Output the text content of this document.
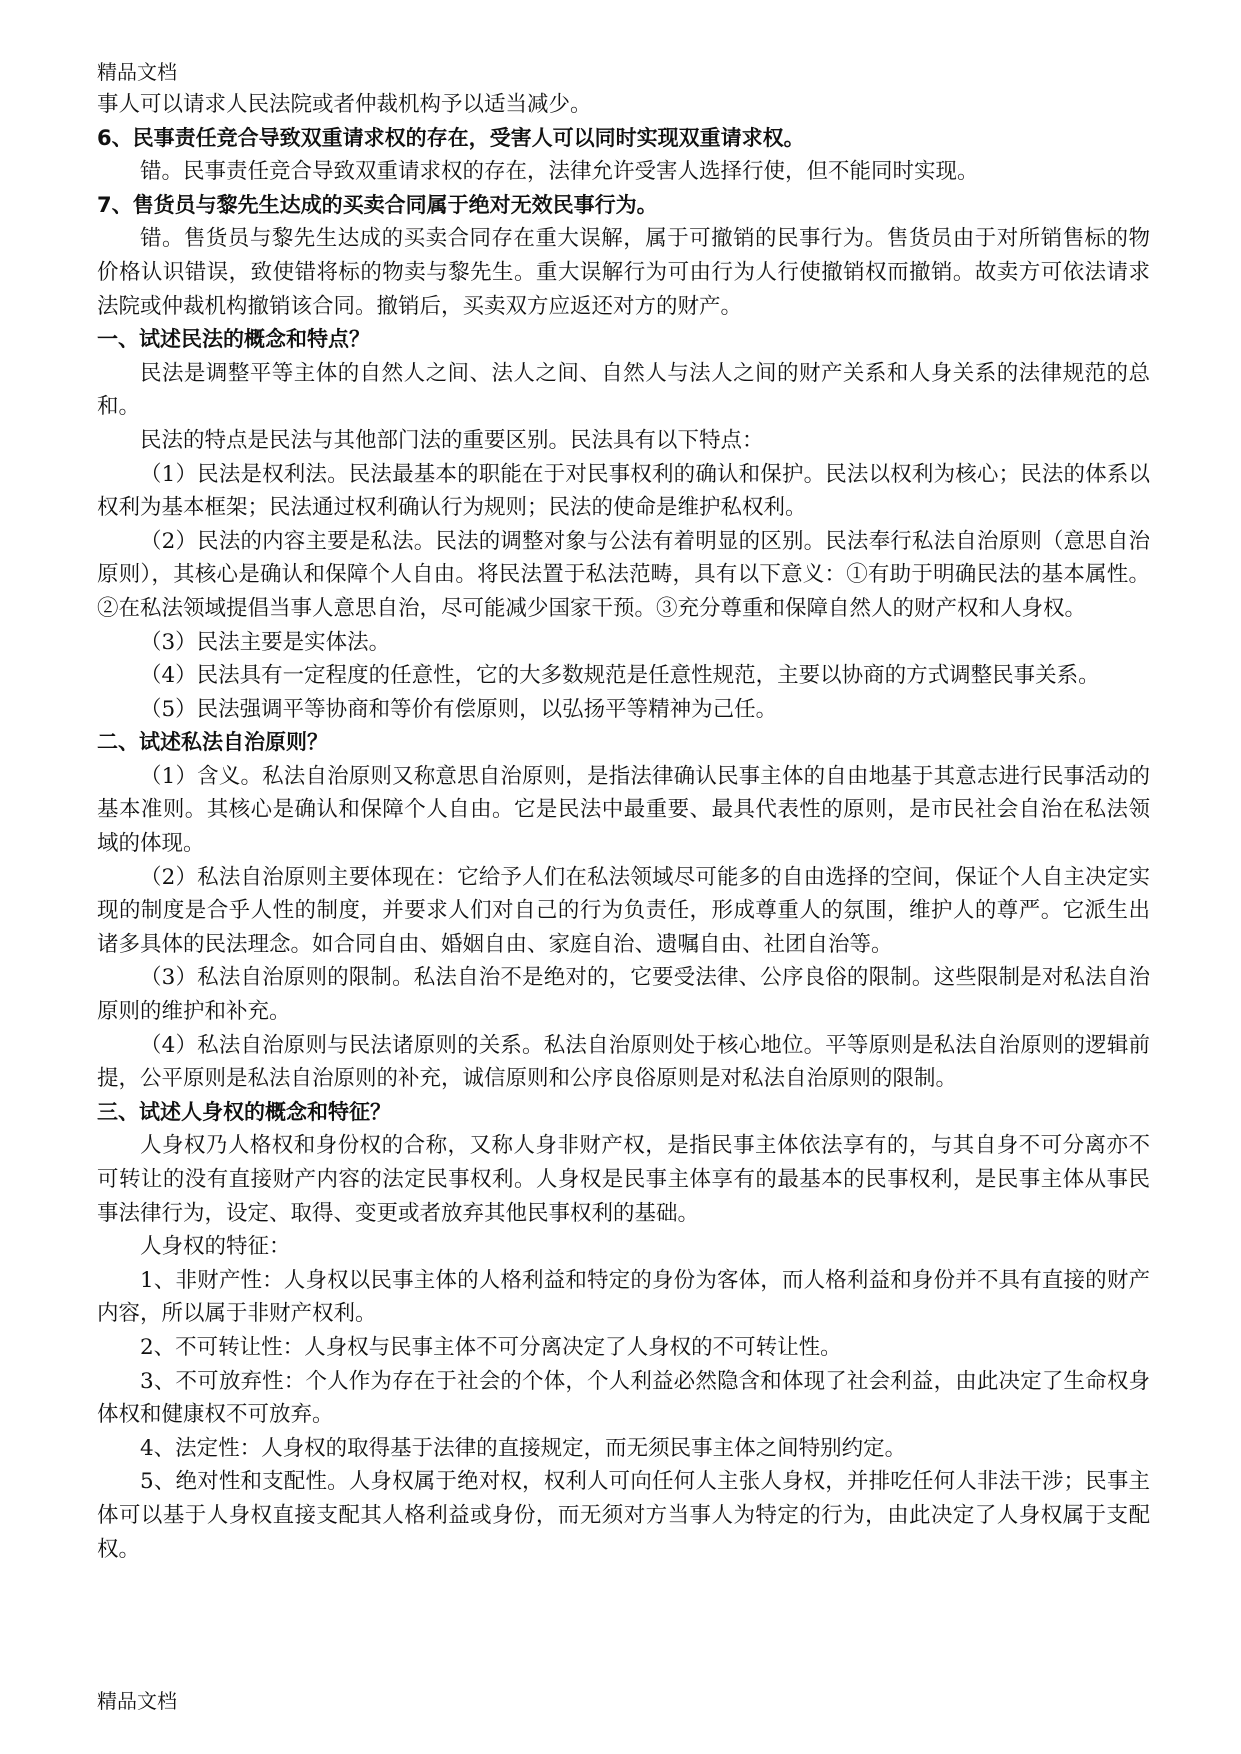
精品文档

事人可以请求人民法院或者仲裁机构予以适当减少。

6、民事责任竞合导致双重请求权的存在，受害人可以同时实现双重请求权。

错。民事责任竞合导致双重请求权的存在，法律允许受害人选择行使，但不能同时实现。

7、售货员与黎先生达成的买卖合同属于绝对无效民事行为。

错。售货员与黎先生达成的买卖合同存在重大误解，属于可撤销的民事行为。售货员由于对所销售标的物价格认识错误，致使错将标的物卖与黎先生。重大误解行为可由行为人行使撤销权而撤销。故卖方可依法请求法院或仲裁机构撤销该合同。撤销后，买卖双方应返还对方的财产。

一、试述民法的概念和特点？

民法是调整平等主体的自然人之间、法人之间、自然人与法人之间的财产关系和人身关系的法律规范的总和。

民法的特点是民法与其他部门法的重要区别。民法具有以下特点：

（1）民法是权利法。民法最基本的职能在于对民事权利的确认和保护。民法以权利为核心；民法的体系以权利为基本框架；民法通过权利确认行为规则；民法的使命是维护私权利。

（2）民法的内容主要是私法。民法的调整对象与公法有着明显的区别。民法奉行私法自治原则（意思自治原则），其核心是确认和保障个人自由。将民法置于私法范畴，具有以下意义：①有助于明确民法的基本属性。②在私法领域提倡当事人意思自治，尽可能减少国家干预。③充分尊重和保障自然人的财产权和人身权。

（3）民法主要是实体法。

（4）民法具有一定程度的任意性，它的大多数规范是任意性规范，主要以协商的方式调整民事关系。

（5）民法强调平等协商和等价有偿原则，以弘扬平等精神为己任。

二、试述私法自治原则？

（1）含义。私法自治原则又称意思自治原则，是指法律确认民事主体的自由地基于其意志进行民事活动的基本准则。其核心是确认和保障个人自由。它是民法中最重要、最具代表性的原则，是市民社会自治在私法领域的体现。

（2）私法自治原则主要体现在：它给予人们在私法领域尽可能多的自由选择的空间，保证个人自主决定实现的制度是合乎人性的制度，并要求人们对自己的行为负责任，形成尊重人的氛围，维护人的尊严。它派生出诸多具体的民法理念。如合同自由、婚姻自由、家庭自治、遗嘱自由、社团自治等。

（3）私法自治原则的限制。私法自治不是绝对的，它要受法律、公序良俗的限制。这些限制是对私法自治原则的维护和补充。

（4）私法自治原则与民法诸原则的关系。私法自治原则处于核心地位。平等原则是私法自治原则的逻辑前提，公平原则是私法自治原则的补充，诚信原则和公序良俗原则是对私法自治原则的限制。

三、试述人身权的概念和特征？

人身权乃人格权和身份权的合称，又称人身非财产权，是指民事主体依法享有的，与其自身不可分离亦不可转让的没有直接财产内容的法定民事权利。人身权是民事主体享有的最基本的民事权利，是民事主体从事民事法律行为，设定、取得、变更或者放弃其他民事权利的基础。

人身权的特征：

1、非财产性：人身权以民事主体的人格利益和特定的身份为客体，而人格利益和身份并不具有直接的财产内容，所以属于非财产权利。

2、不可转让性：人身权与民事主体不可分离决定了人身权的不可转让性。

3、不可放弃性：个人作为存在于社会的个体，个人利益必然隐含和体现了社会利益，由此决定了生命权身体权和健康权不可放弃。

4、法定性：人身权的取得基于法律的直接规定，而无须民事主体之间特别约定。

5、绝对性和支配性。人身权属于绝对权，权利人可向任何人主张人身权，并排吃任何人非法干涉；民事主体可以基于人身权直接支配其人格利益或身份，而无须对方当事人为特定的行为，由此决定了人身权属于支配权。

精品文档
